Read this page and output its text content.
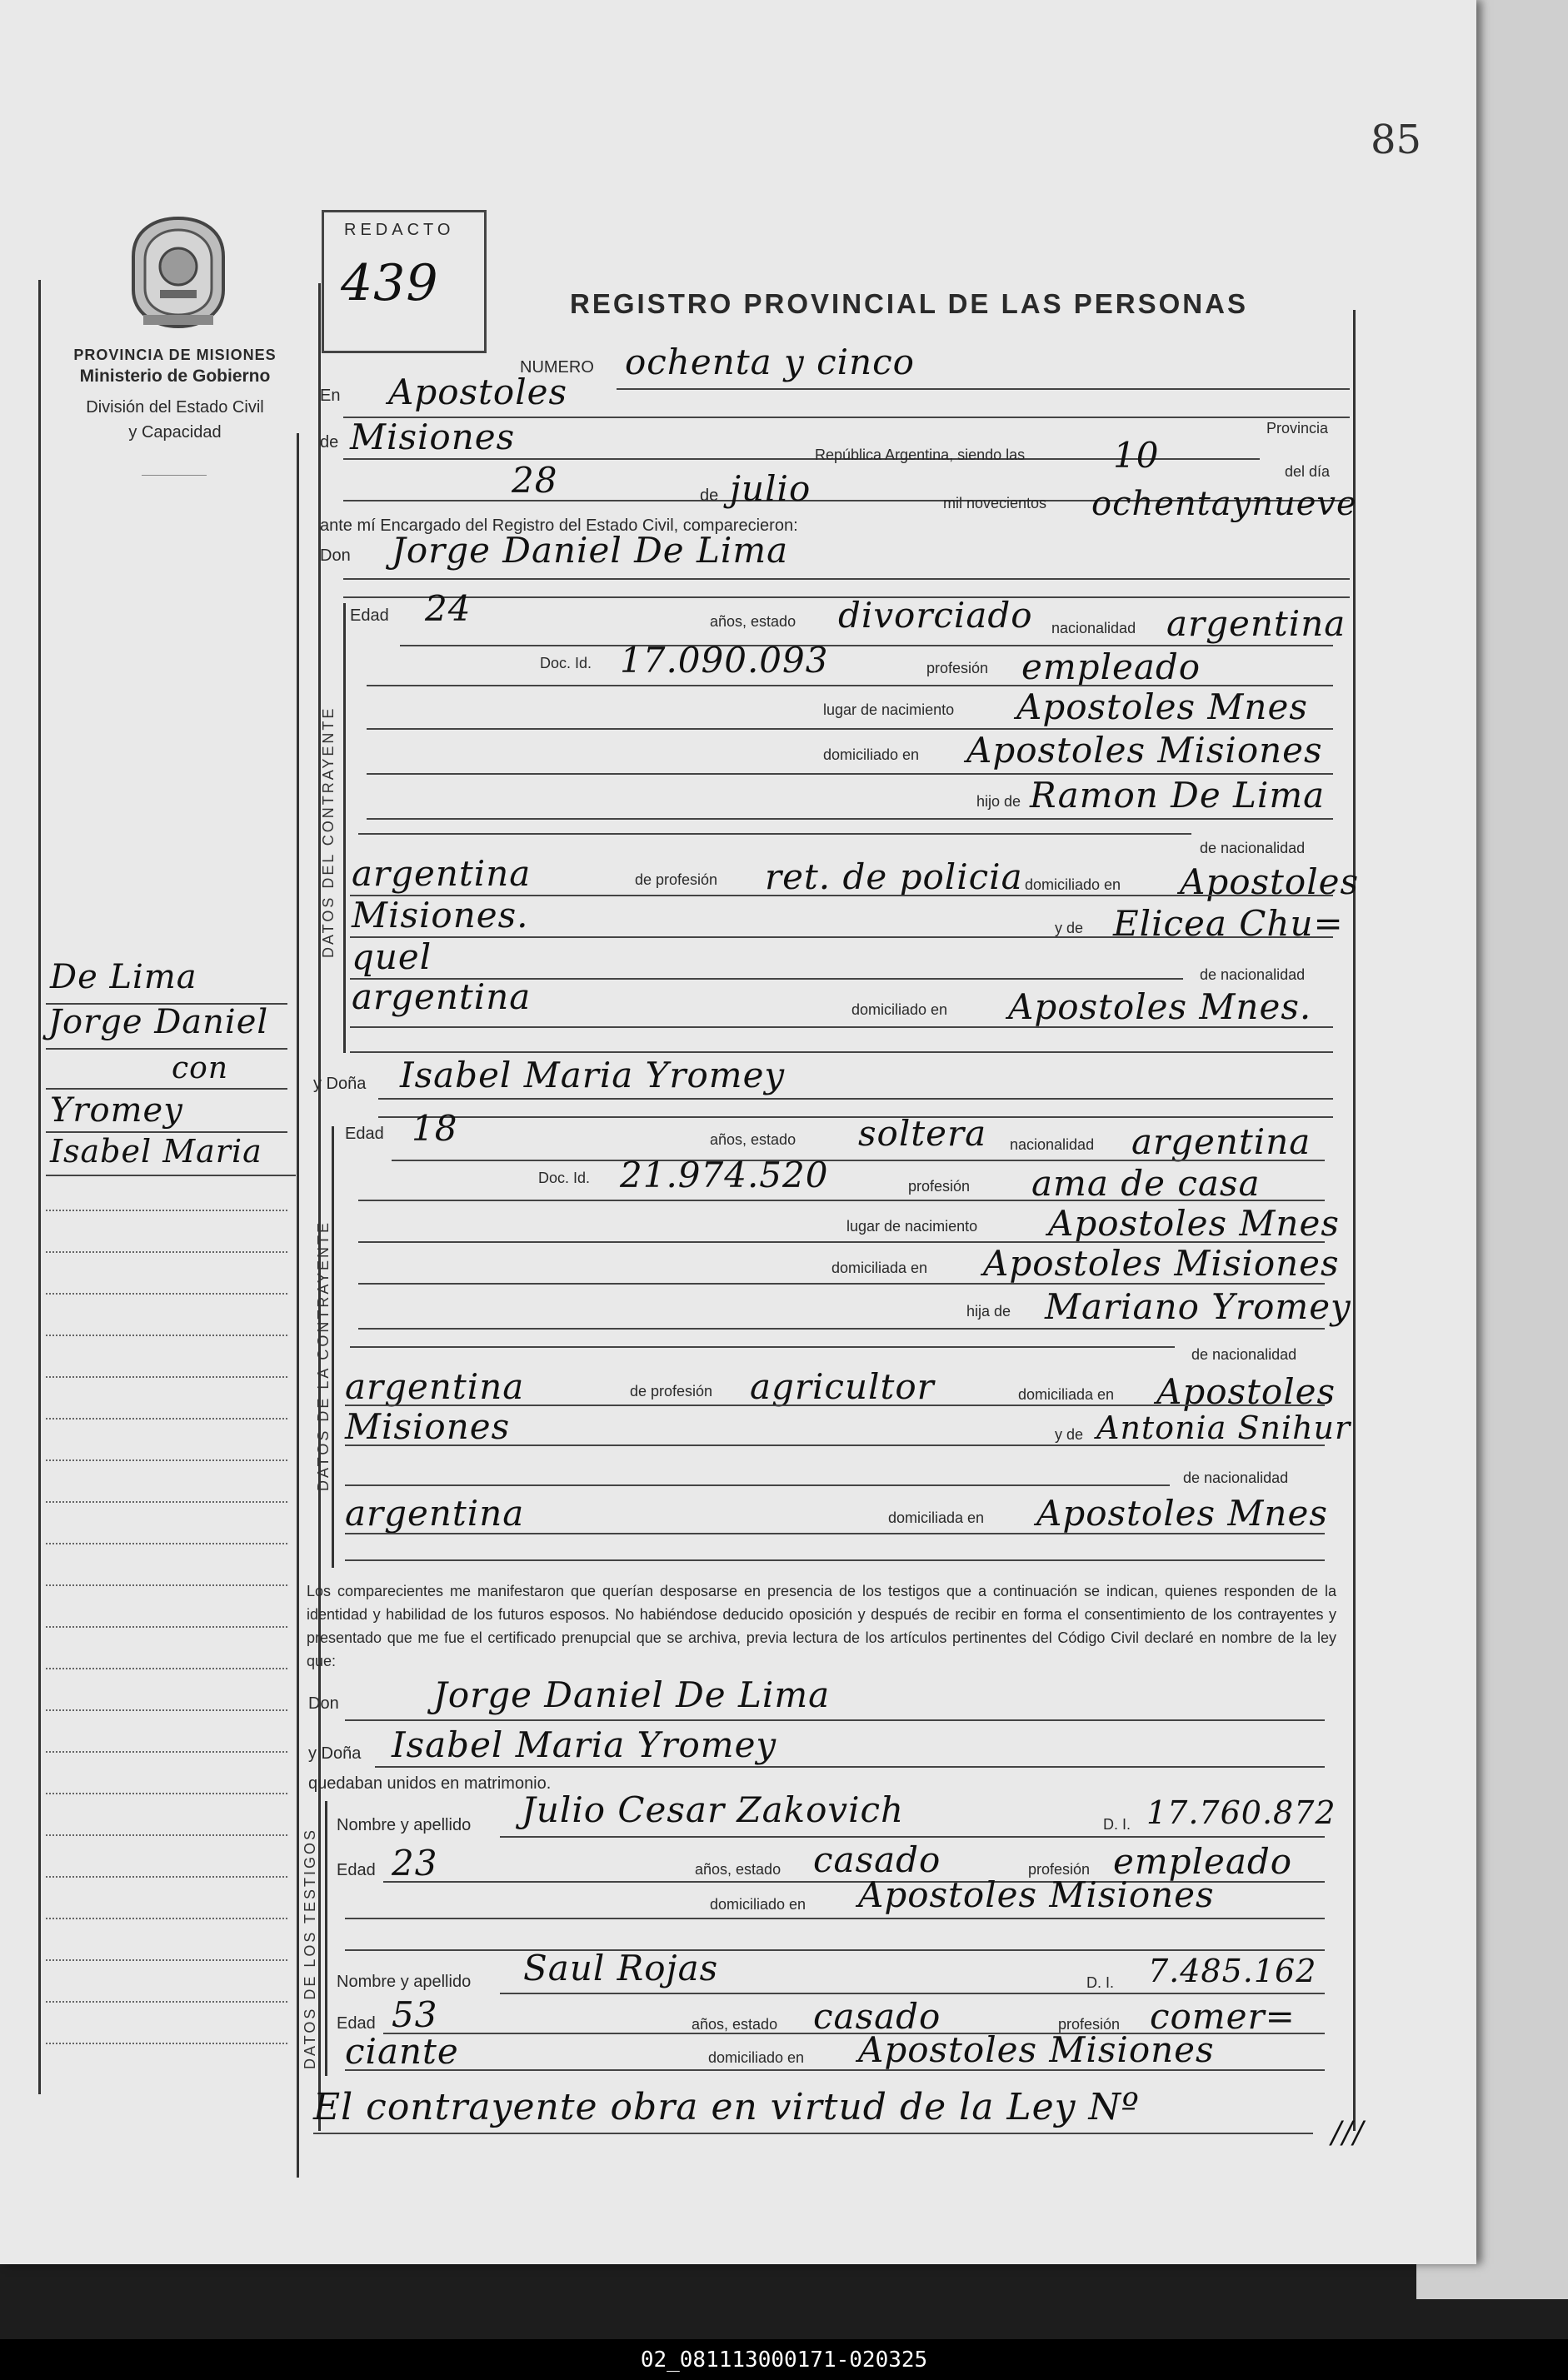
85
PROVINCIA DE MISIONES
Ministerio de Gobierno
División del Estado Civil
y Capacidad
REDACTO
439	REGISTRO PROVINCIAL DE LAS PERSONAS
NUMERO ochenta y cinco
En Apostoles
de Misiones	Provincia
República Argentina, siendo las	10	del día
28	de julio	mil novecientos ochentaynueve
ante mí Encargado del Registro del Estado Civil, comparecieron:
Don Jorge Daniel De Lima
DATOS DEL CONTRAYENTE
Edad 24	años, estado divorciado nacionalidad argentina
Doc. Id. 17.090.093	profesión empleado
lugar de nacimiento Apostoles Mnes
domiciliado en Apostoles Misiones
hijo de Ramon De Lima
de nacionalidad
argentina	de profesión ret. de policia domiciliado en Apostoles
Misiones.	y de Elicea Chu=
quel	de nacionalidad
argentina	domiciliado en Apostoles Mnes.
y Doña Isabel Maria Yromey
DATOS DE LA CONTRAYENTE
Edad 18	años, estado soltera nacionalidad argentina
Doc. Id. 21.974.520	profesión ama de casa
lugar de nacimiento Apostoles Mnes
domiciliada en Apostoles Misiones
hija de Mariano Yromey
de nacionalidad
argentina	de profesión agricultor	domiciliada en Apostoles
Misiones	y de Antonia Snihur
de nacionalidad
argentina	domiciliada en Apostoles Mnes
Los comparecientes me manifestaron que querían desposarse en presencia de los testigos que a continuación se indican, quienes responden de la identidad y habilidad de los futuros esposos. No habiéndose deducido oposición y después de recibir en forma el consentimiento de los contrayentes y presentado que me fue el certificado prenupcial que se archiva, previa lectura de los artículos pertinentes del Código Civil declaré en nombre de la ley que:
Don	Jorge Daniel De Lima
y Doña Isabel Maria Yromey
quedaban unidos en matrimonio.
DATOS DE LOS TESTIGOS
Nombre y apellido Julio Cesar Zakovich	D. I. 17.760.872
Edad 23	años, estado casado	profesión empleado
domiciliado en Apostoles Misiones
Nombre y apellido Saul Rojas	D. I. 7.485.162
Edad 53	años, estado casado	profesión comer=
ciante	domiciliado en Apostoles Misiones
El contrayente obra en virtud de la Ley Nº
///
De Lima
Jorge Daniel
con
Yromey
Isabel Maria
02_081113000171-020325
